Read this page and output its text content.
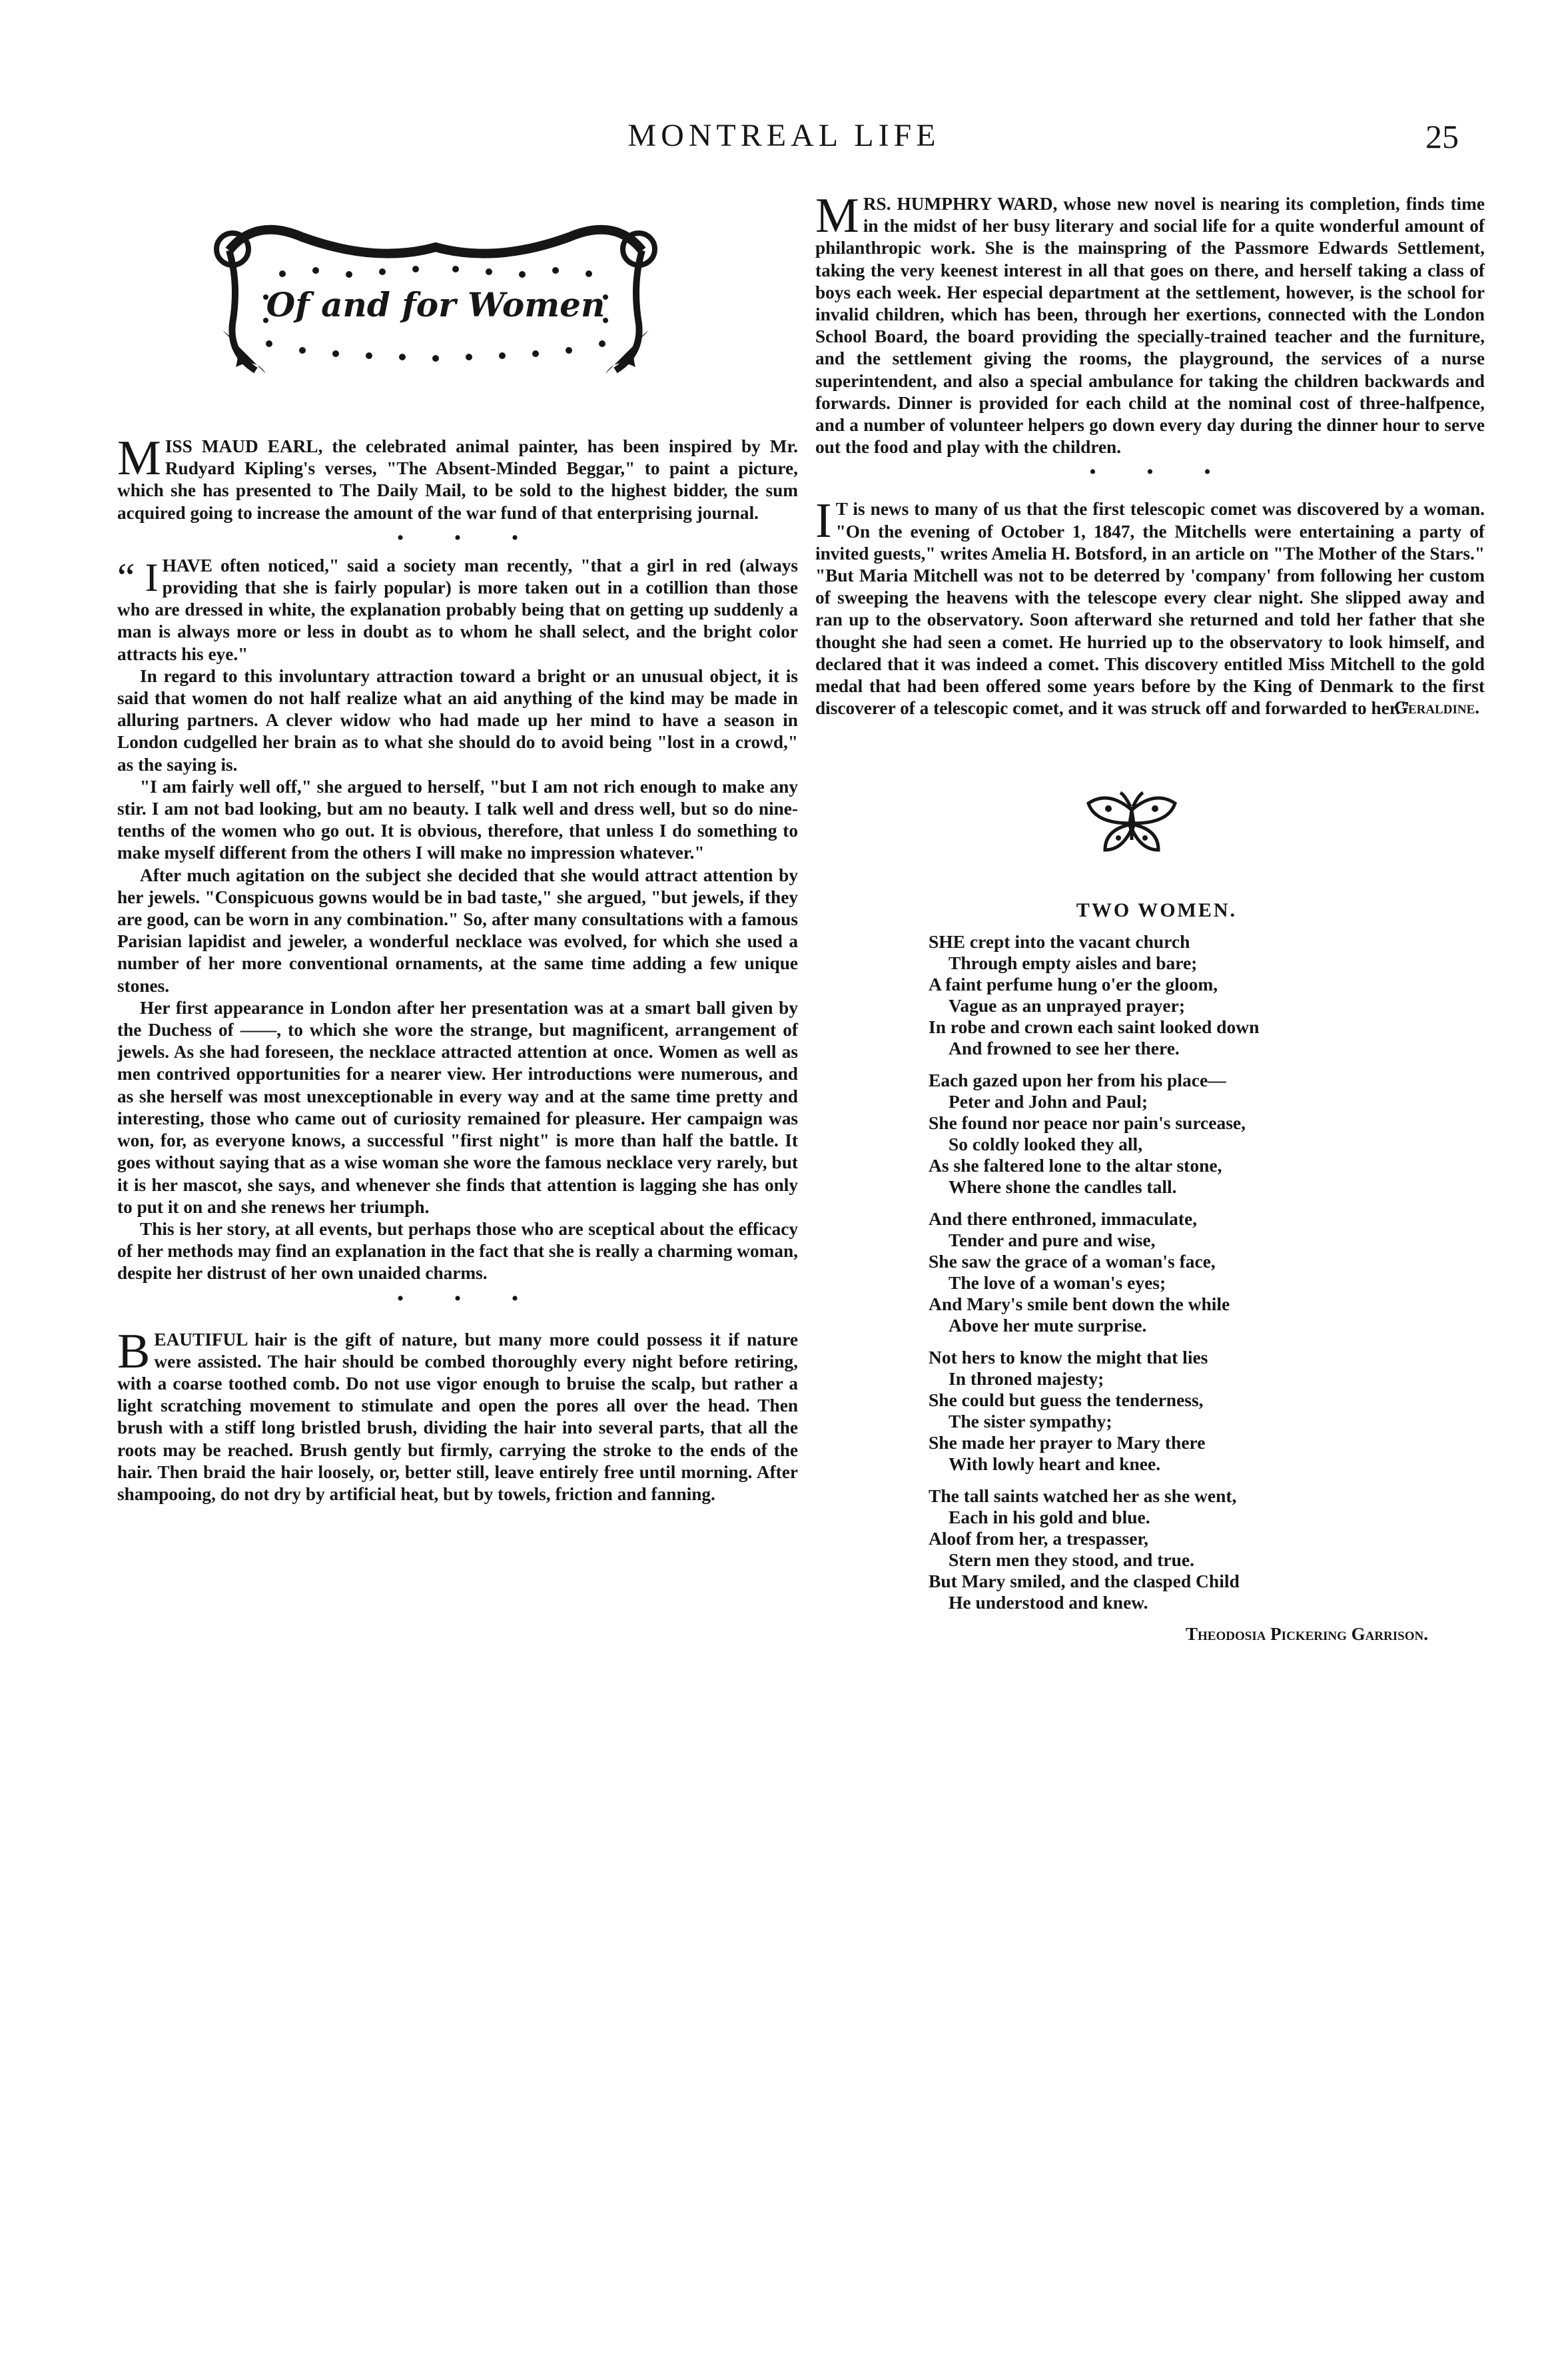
MONTREAL LIFE	25
Of and for Women
M ISS MAUD EARL, the celebrated animal painter, has been inspired by Mr. Rudyard Kipling's verses, "The Absent-Minded Beggar," to paint a picture, which she has presented to The Daily Mail, to be sold to the highest bidder, the sum acquired going to increase the amount of the war fund of that enterprising journal.

• • •
“ I HAVE often noticed," said a society man recently, "that a girl in red (always providing that she is fairly popular) is more taken out in a cotillion than those who are dressed in white, the explanation probably being that on getting up suddenly a man is always more or less in doubt as to whom he shall select, and the bright color attracts his eye."

In regard to this involuntary attraction toward a bright or an unusual object, it is said that women do not half realize what an aid anything of the kind may be made in alluring partners. A clever widow who had made up her mind to have a season in London cudgelled her brain as to what she should do to avoid being "lost in a crowd," as the saying is.

"I am fairly well off," she argued to herself, "but I am not rich enough to make any stir. I am not bad looking, but am no beauty. I talk well and dress well, but so do nine-tenths of the women who go out. It is obvious, therefore, that unless I do something to make myself different from the others I will make no impression whatever."

After much agitation on the subject she decided that she would attract attention by her jewels. "Conspicuous gowns would be in bad taste," she argued, "but jewels, if they are good, can be worn in any combination." So, after many consultations with a famous Parisian lapidist and jeweler, a wonderful necklace was evolved, for which she used a number of her more conventional ornaments, at the same time adding a few unique stones.

Her first appearance in London after her presentation was at a smart ball given by the Duchess of ——, to which she wore the strange, but magnificent, arrangement of jewels. As she had foreseen, the necklace attracted attention at once. Women as well as men contrived opportunities for a nearer view. Her introductions were numerous, and as she herself was most unexceptionable in every way and at the same time pretty and interesting, those who came out of curiosity remained for pleasure. Her campaign was won, for, as everyone knows, a successful "first night" is more than half the battle. It goes without saying that as a wise woman she wore the famous necklace very rarely, but it is her mascot, she says, and whenever she finds that attention is lagging she has only to put it on and she renews her triumph.

This is her story, at all events, but perhaps those who are sceptical about the efficacy of her methods may find an explanation in the fact that she is really a charming woman, despite her distrust of her own unaided charms.

• • •
B EAUTIFUL hair is the gift of nature, but many more could possess it if nature were assisted. The hair should be combed thoroughly every night before retiring, with a coarse toothed comb. Do not use vigor enough to bruise the scalp, but rather a light scratching movement to stimulate and open the pores all over the head. Then brush with a stiff long bristled brush, dividing the hair into several parts, that all the roots may be reached. Brush gently but firmly, carrying the stroke to the ends of the hair. Then braid the hair loosely, or, better still, leave entirely free until morning. After shampooing, do not dry by artificial heat, but by towels, friction and fanning.

M RS. HUMPHRY WARD, whose new novel is nearing its completion, finds time in the midst of her busy literary and social life for a quite wonderful amount of philanthropic work. She is the mainspring of the Passmore Edwards Settlement, taking the very keenest interest in all that goes on there, and herself taking a class of boys each week. Her especial department at the settlement, however, is the school for invalid children, which has been, through her exertions, connected with the London School Board, the board providing the specially-trained teacher and the furniture, and the settlement giving the rooms, the playground, the services of a nurse superintendent, and also a special ambulance for taking the children backwards and forwards. Dinner is provided for each child at the nominal cost of three-halfpence, and a number of volunteer helpers go down every day during the dinner hour to serve out the food and play with the children.

• • •
I T is news to many of us that the first telescopic comet was discovered by a woman. "On the evening of October 1, 1847, the Mitchells were entertaining a party of invited guests," writes Amelia H. Botsford, in an article on "The Mother of the Stars." "But Maria Mitchell was not to be deterred by 'company' from following her custom of sweeping the heavens with the telescope every clear night. She slipped away and ran up to the observatory. Soon afterward she returned and told her father that she thought she had seen a comet. He hurried up to the observatory to look himself, and declared that it was indeed a comet. This discovery entitled Miss Mitchell to the gold medal that had been offered some years before by the King of Denmark to the first discoverer of a telescopic comet, and it was struck off and forwarded to her."

Geraldine.
TWO WOMEN.
SHE crept into the vacant church
Through empty aisles and bare;
A faint perfume hung o'er the gloom,
Vague as an unprayed prayer;
In robe and crown each saint looked down
And frowned to see her there.
Each gazed upon her from his place—
Peter and John and Paul;
She found nor peace nor pain's surcease,
So coldly looked they all,
As she faltered lone to the altar stone,
Where shone the candles tall.
And there enthroned, immaculate,
Tender and pure and wise,
She saw the grace of a woman's face,
The love of a woman's eyes;
And Mary's smile bent down the while
Above her mute surprise.
Not hers to know the might that lies
In throned majesty;
She could but guess the tenderness,
The sister sympathy;
She made her prayer to Mary there
With lowly heart and knee.
The tall saints watched her as she went,
Each in his gold and blue.
Aloof from her, a trespasser,
Stern men they stood, and true.
But Mary smiled, and the clasped Child
He understood and knew.
Theodosia Pickering Garrison.
